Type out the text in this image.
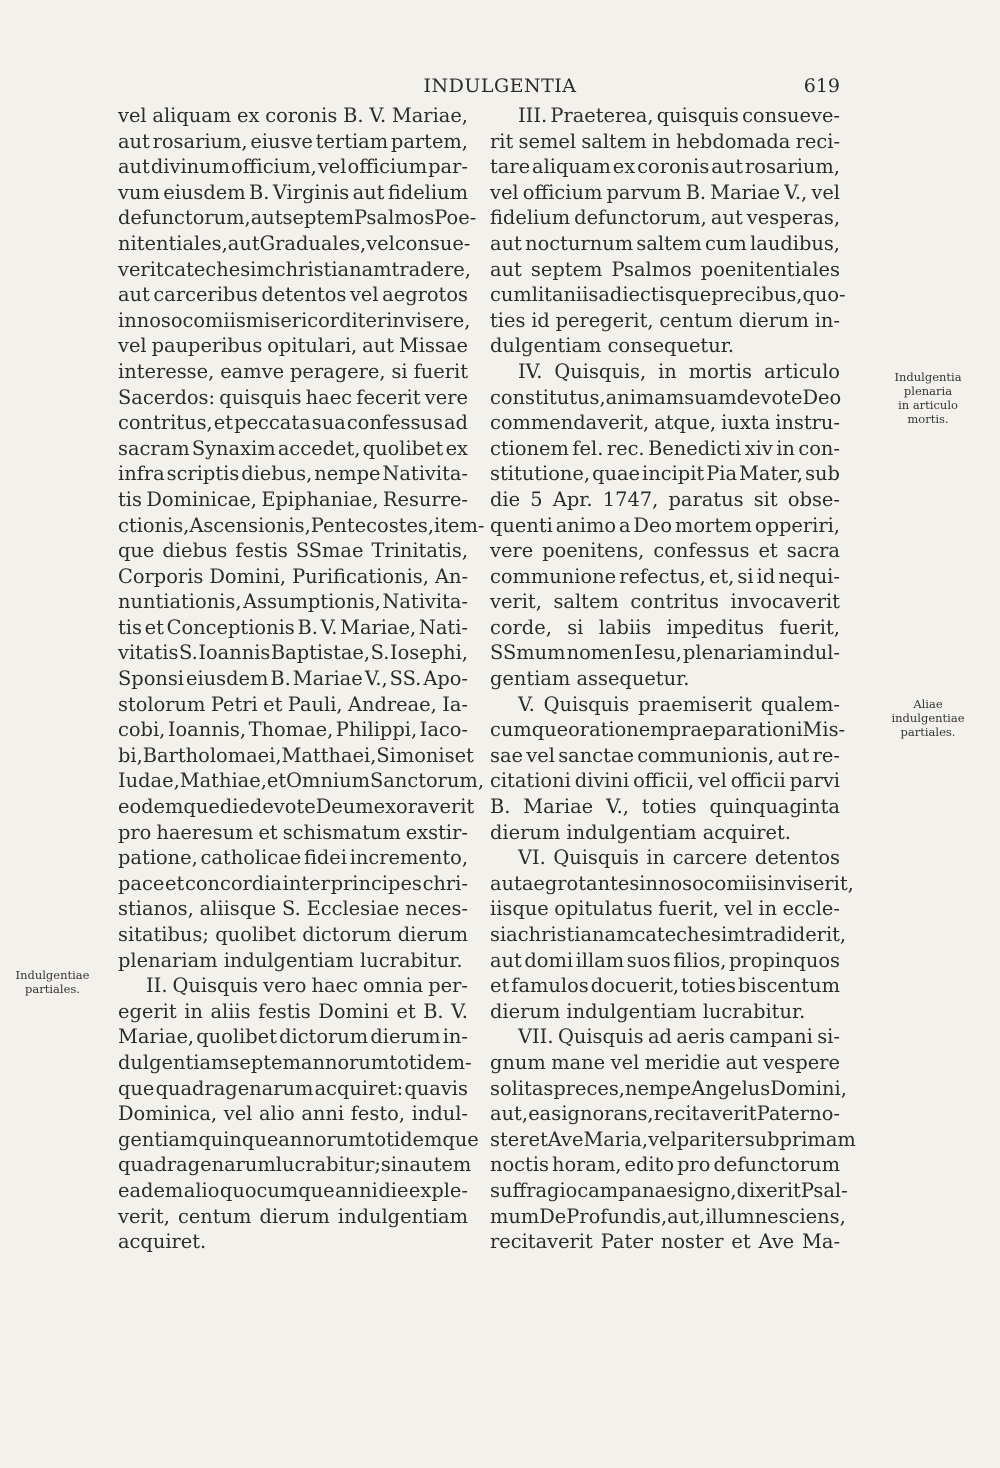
INDULGENTIA	619
vel aliquam ex coronis B. V. Mariae,
aut rosarium, eiusve tertiam partem,
aut divinum officium, vel officium par-
vum eiusdem B. Virginis aut fidelium
defunctorum, aut septem Psalmos Poe-
nitentiales, aut Graduales, vel consue-
verit catechesim christianam tradere,
aut carceribus detentos vel aegrotos
in nosocomiis misericorditer invisere,
vel pauperibus opitulari, aut Missae
interesse, eamve peragere, si fuerit
Sacerdos: quisquis haec fecerit vere
contritus, et peccata sua confessus ad
sacram Synaxim accedet, quolibet ex
infra scriptis diebus, nempe Nativita-
tis Dominicae, Epiphaniae, Resurre-
ctionis, Ascensionis, Pentecostes, item-
que diebus festis SSmae Trinitatis,
Corporis Domini, Purificationis, An-
nuntiationis, Assumptionis, Nativita-
tis et Conceptionis B. V. Mariae, Nati-
vitatis S. Ioannis Baptistae, S. Iosephi,
Sponsi eiusdem B. Mariae V., SS. Apo-
stolorum Petri et Pauli, Andreae, Ia-
cobi, Ioannis, Thomae, Philippi, Iaco-
bi, Bartholomaei, Matthaei, Simonis et
Iudae, Mathiae, et Omnium Sanctorum,
eodemque die devote Deum exoraverit
pro haeresum et schismatum exstir-
patione, catholicae fidei incremento,
pace et concordia inter principes chri-
stianos, aliisque S. Ecclesiae neces-
sitatibus; quolibet dictorum dierum
plenariam indulgentiam lucrabitur.
II. Quisquis vero haec omnia per-
egerit in aliis festis Domini et B. V.
Mariae, quolibet dictorum dierum in-
dulgentiam septem annorum totidem-
que quadragenarum acquiret: quavis
Dominica, vel alio anni festo, indul-
gentiam quinque annorum totidemque
quadragenarum lucrabitur; sin autem
eadem alio quocumque anni die exple-
verit, centum dierum indulgentiam
acquiret.
III. Praeterea, quisquis consueve-
rit semel saltem in hebdomada reci-
tare aliquam ex coronis aut rosarium,
vel officium parvum B. Mariae V., vel
fidelium defunctorum, aut vesperas,
aut nocturnum saltem cum laudibus,
aut septem Psalmos poenitentiales
cum litaniis adiectisque precibus, quo-
ties id peregerit, centum dierum in-
dulgentiam consequetur.
IV. Quisquis, in mortis articulo
constitutus, animam suam devote Deo
commendaverit, atque, iuxta instru-
ctionem fel. rec. Benedicti xiv in con-
stitutione, quae incipit Pia Mater, sub
die 5 Apr. 1747, paratus sit obse-
quenti animo a Deo mortem opperiri,
vere poenitens, confessus et sacra
communione refectus, et, si id nequi-
verit, saltem contritus invocaverit
corde, si labiis impeditus fuerit,
SSmum nomen Iesu, plenariam indul-
gentiam assequetur.
V. Quisquis praemiserit qualem-
cumque orationem praeparationi Mis-
sae vel sanctae communionis, aut re-
citationi divini officii, vel officii parvi
B. Mariae V., toties quinquaginta
dierum indulgentiam acquiret.
VI. Quisquis in carcere detentos
aut aegrotantes in nosocomiis inviserit,
iisque opitulatus fuerit, vel in eccle-
sia christianam catechesim tradiderit,
aut domi illam suos filios, propinquos
et famulos docuerit, toties biscentum
dierum indulgentiam lucrabitur.
VII. Quisquis ad aeris campani si-
gnum mane vel meridie aut vespere
solitas preces, nempe Angelus Domini,
aut, eas ignorans, recitaverit Pater no-
ster et Ave Maria, vel pariter sub primam
noctis horam, edito pro defunctorum
suffragio campanae signo, dixerit Psal-
mum De Profundis, aut, illum nesciens,
recitaverit Pater noster et Ave Ma-
Indulgentia
plenaria
in articulo
mortis.
Aliae
indulgentiae
partiales.
Indulgentiae
partiales.
